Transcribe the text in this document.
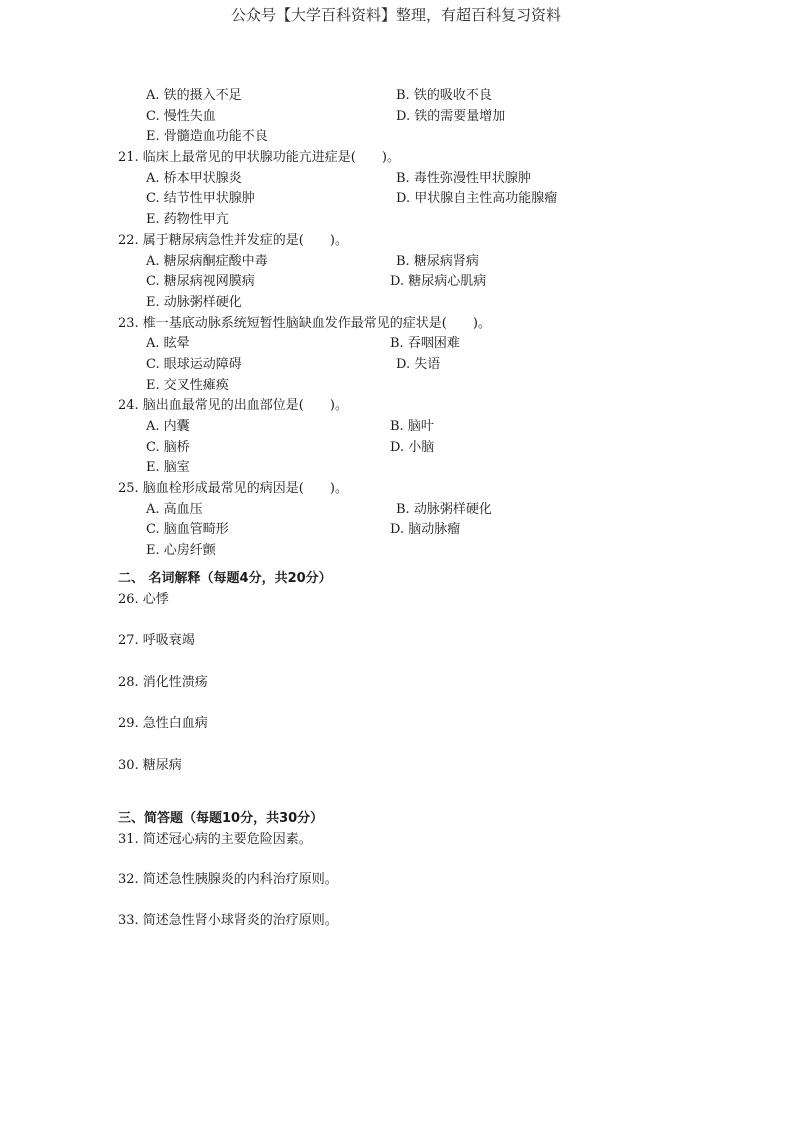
公众号【大学百科资料】整理，有超百科复习资料
A. 铁的摄入不足	B. 铁的吸收不良
C. 慢性失血	D. 铁的需要量增加
E. 骨髓造血功能不良
21. 临床上最常见的甲状腺功能亢进症是(　　)。
A. 桥本甲状腺炎	B. 毒性弥漫性甲状腺肿
C. 结节性甲状腺肿	D. 甲状腺自主性高功能腺瘤
E. 药物性甲亢
22. 属于糖尿病急性并发症的是(　　)。
A. 糖尿病酮症酸中毒	B. 糖尿病肾病
C. 糖尿病视网膜病	D. 糖尿病心肌病
E. 动脉粥样硬化
23. 椎一基底动脉系统短暂性脑缺血发作最常见的症状是(　　)。
A. 眩晕	B. 吞咽困难
C. 眼球运动障碍	D. 失语
E. 交叉性瘫痪
24. 脑出血最常见的出血部位是(　　)。
A. 内囊	B. 脑叶
C. 脑桥	D. 小脑
E. 脑室
25. 脑血栓形成最常见的病因是(　　)。
A. 高血压	B. 动脉粥样硬化
C. 脑血管畸形	D. 脑动脉瘤
E. 心房纤颤
二、 名词解释（每题4分，共20分）
26. 心悸
27. 呼吸衰竭
28. 消化性溃疡
29. 急性白血病
30. 糖尿病
三、简答题（每题10分，共30分）
31. 简述冠心病的主要危险因素。
32. 简述急性胰腺炎的内科治疗原则。
33. 简述急性肾小球肾炎的治疗原则。
